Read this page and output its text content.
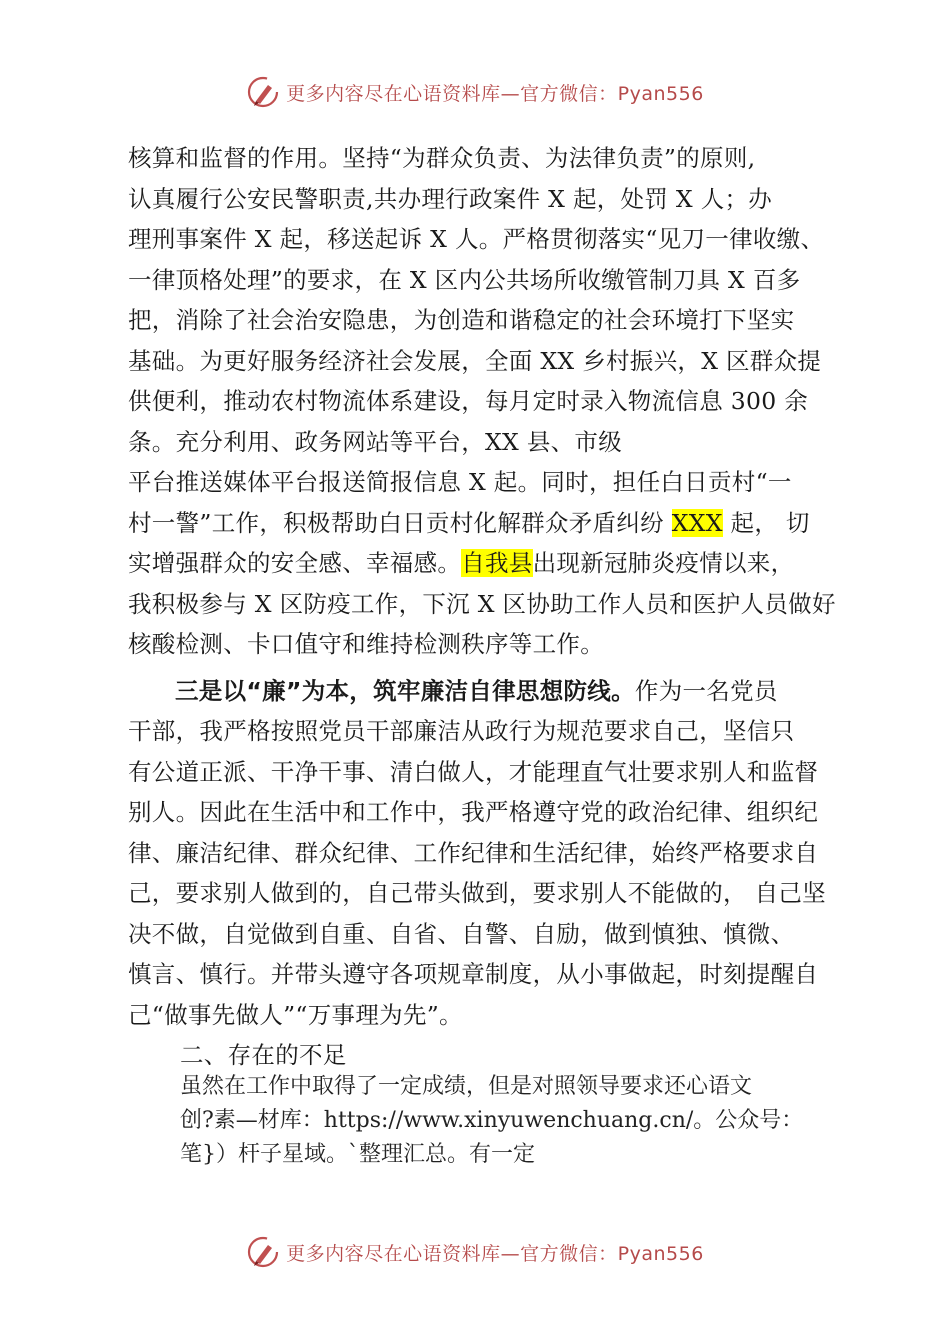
更多内容尽在心语资料库—官方微信：Pyan556
核算和监督的作用。坚持“为群众负责、为法律负责”的原则,
认真履行公安民警职责,共办理行政案件 X 起，处罚 X 人；办
理刑事案件 X 起，移送起诉 X 人。严格贯彻落实“见刀一律收缴、
一律顶格处理”的要求，在 X 区内公共场所收缴管制刀具 X 百多
把，消除了社会治安隐患，为创造和谐稳定的社会环境打下坚实
基础。为更好服务经济社会发展，全面 XX 乡村振兴，X 区群众提
供便利，推动农村物流体系建设，每月定时录入物流信息 300 余
条。充分利用、政务网站等平台，XX 县、市级
平台推送媒体平台报送简报信息 X 起。同时，担任白日贡村“一
村一警”工作，积极帮助白日贡村化解群众矛盾纠纷 XXX 起， 切
实增强群众的安全感、幸福感。自我县出现新冠肺炎疫情以来，
我积极参与 X 区防疫工作，下沉 X 区协助工作人员和医护人员做好
核酸检测、卡口值守和维持检测秩序等工作。
三是以“廉”为本，筑牢廉洁自律思想防线。作为一名党员
干部，我严格按照党员干部廉洁从政行为规范要求自己，坚信只
有公道正派、干净干事、清白做人，才能理直气壮要求别人和监督
别人。因此在生活中和工作中，我严格遵守党的政治纪律、组织纪
律、廉洁纪律、群众纪律、工作纪律和生活纪律，始终严格要求自
己，要求别人做到的，自己带头做到，要求别人不能做的， 自己坚
决不做，自觉做到自重、自省、自警、自励，做到慎独、慎微、
慎言、慎行。并带头遵守各项规章制度，从小事做起，时刻提醒自
己“做事先做人”“万事理为先”。
二、存在的不足
虽然在工作中取得了一定成绩，但是对照领导要求还心语文
创?素—材库：https://www.xinyuwenchuang.cn/。公众号：
笔}）杆子星域。`整理汇总。有一定
更多内容尽在心语资料库—官方微信：Pyan556
